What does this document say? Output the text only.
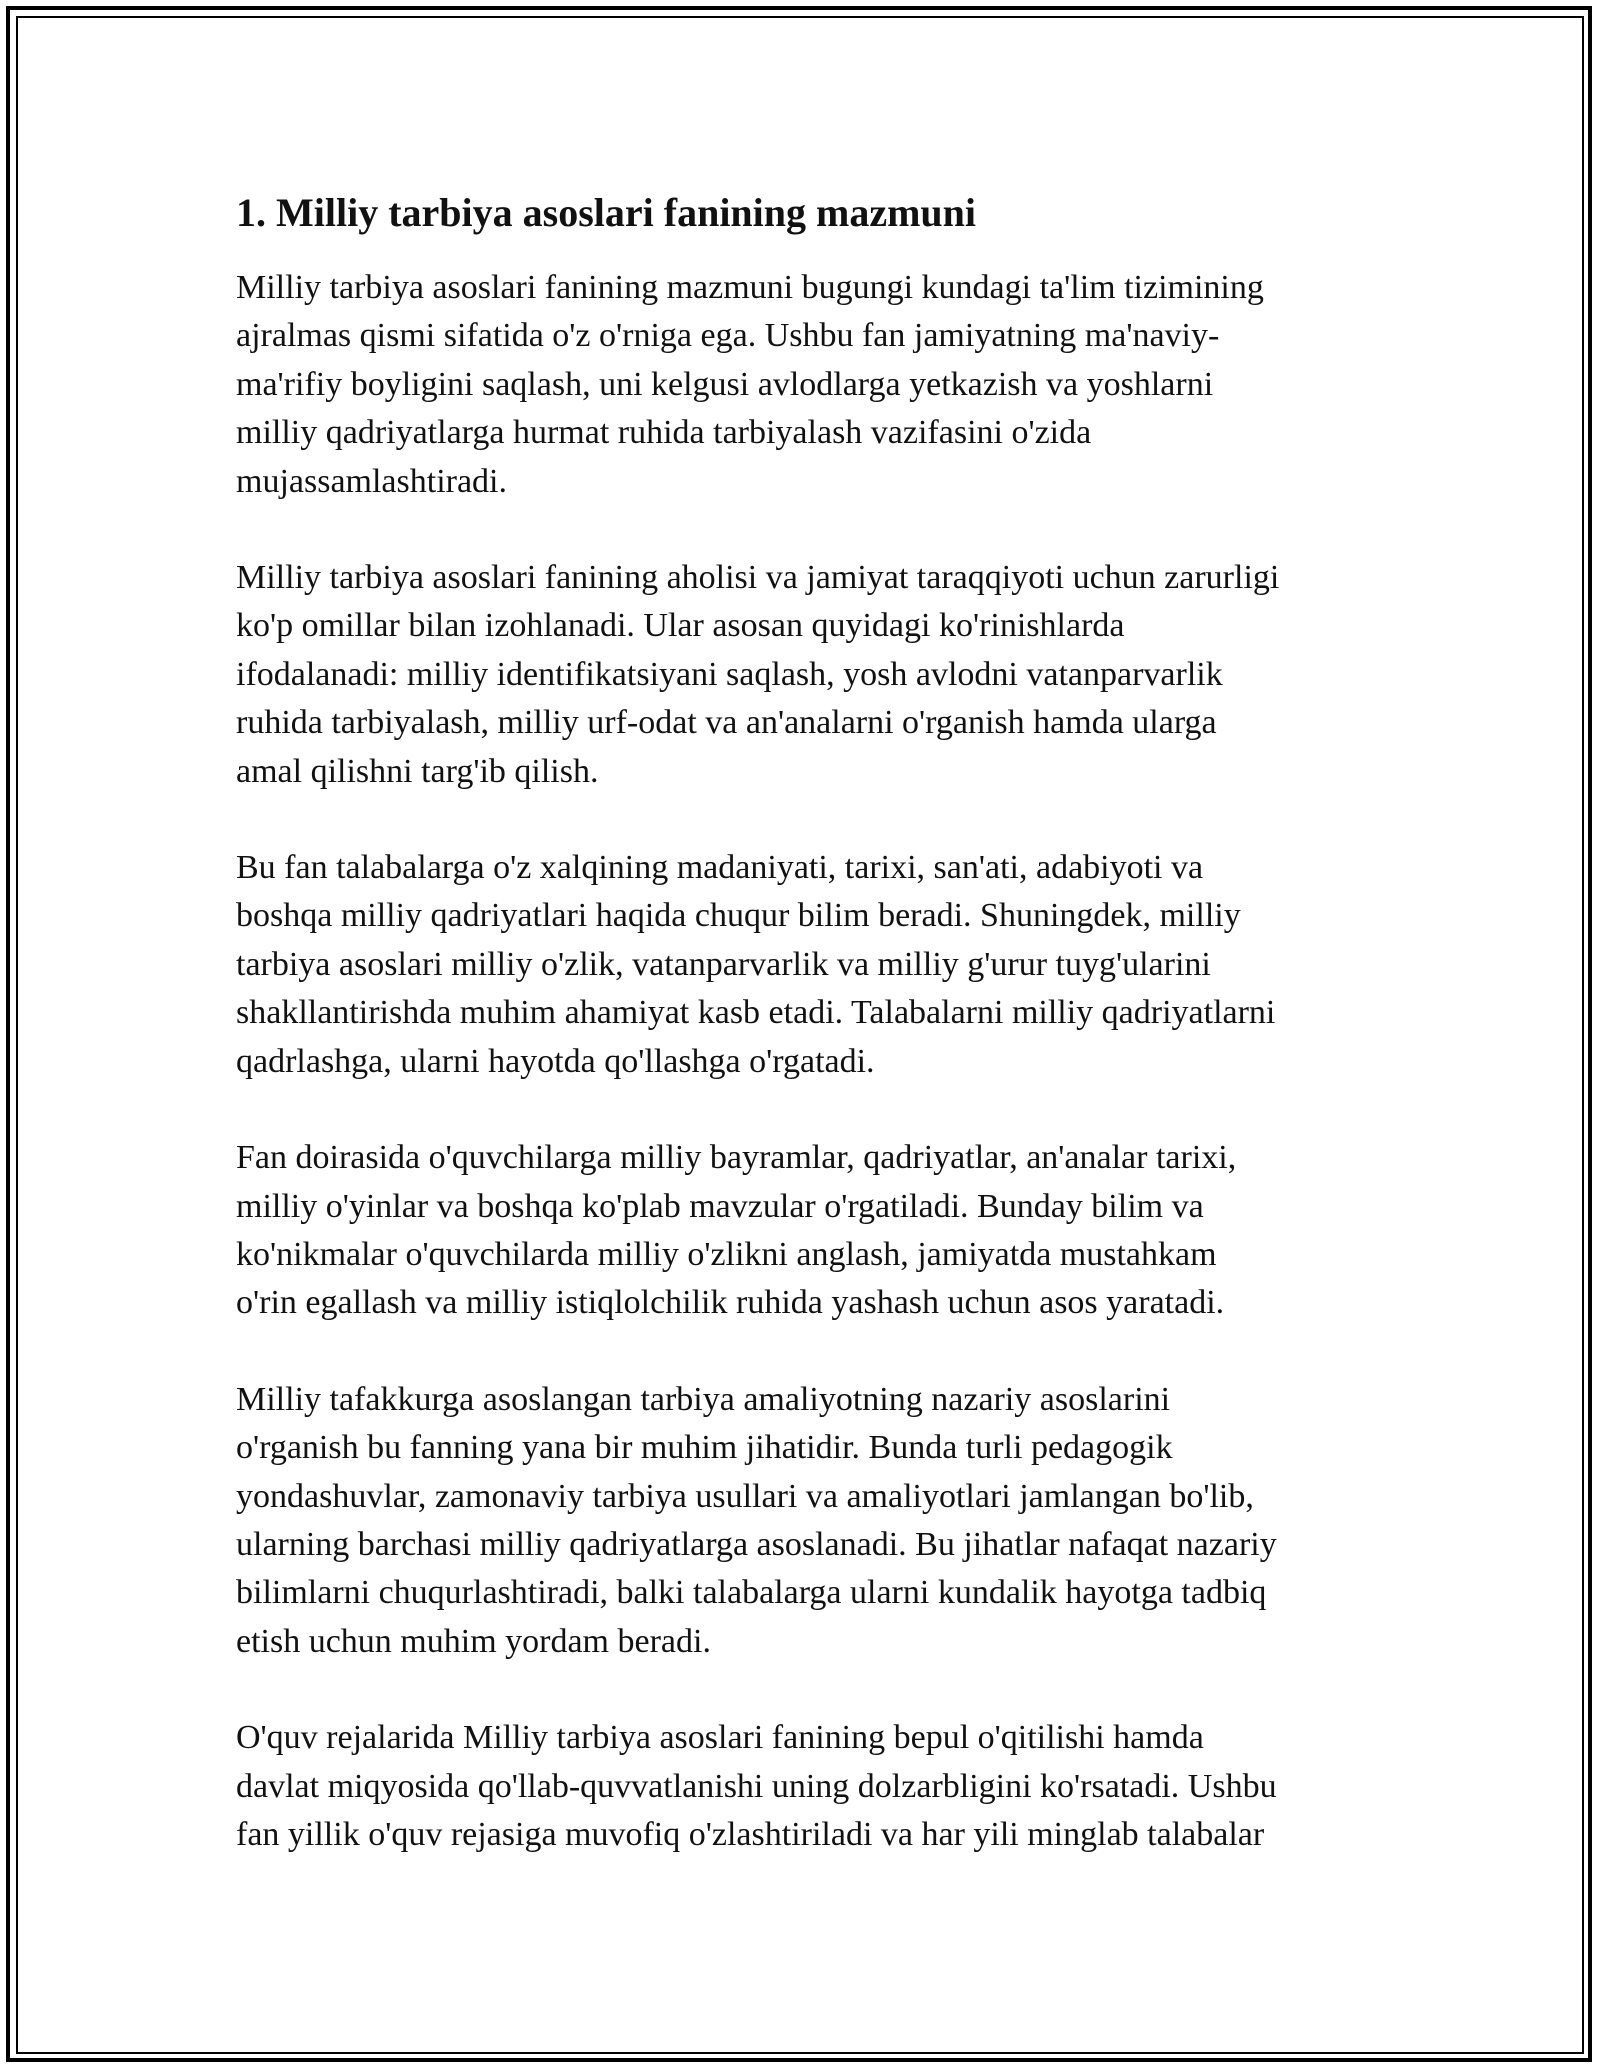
1. Milliy tarbiya asoslari fanining mazmuni

Milliy tarbiya asoslari fanining mazmuni bugungi kundagi ta'lim tizimining
ajralmas qismi sifatida o'z o'rniga ega. Ushbu fan jamiyatning ma'naviy-
ma'rifiy boyligini saqlash, uni kelgusi avlodlarga yetkazish va yoshlarni
milliy qadriyatlarga hurmat ruhida tarbiyalash vazifasini o'zida
mujassamlashtiradi.

Milliy tarbiya asoslari fanining aholisi va jamiyat taraqqiyoti uchun zarurligi
ko'p omillar bilan izohlanadi. Ular asosan quyidagi ko'rinishlarda
ifodalanadi: milliy identifikatsiyani saqlash, yosh avlodni vatanparvarlik
ruhida tarbiyalash, milliy urf-odat va an'analarni o'rganish hamda ularga
amal qilishni targ'ib qilish.

Bu fan talabalarga o'z xalqining madaniyati, tarixi, san'ati, adabiyoti va
boshqa milliy qadriyatlari haqida chuqur bilim beradi. Shuningdek, milliy
tarbiya asoslari milliy o'zlik, vatanparvarlik va milliy g'urur tuyg'ularini
shakllantirishda muhim ahamiyat kasb etadi. Talabalarni milliy qadriyatlarni
qadrlashga, ularni hayotda qo'llashga o'rgatadi.

Fan doirasida o'quvchilarga milliy bayramlar, qadriyatlar, an'analar tarixi,
milliy o'yinlar va boshqa ko'plab mavzular o'rgatiladi. Bunday bilim va
ko'nikmalar o'quvchilarda milliy o'zlikni anglash, jamiyatda mustahkam
o'rin egallash va milliy istiqlolchilik ruhida yashash uchun asos yaratadi.

Milliy tafakkurga asoslangan tarbiya amaliyotning nazariy asoslarini
o'rganish bu fanning yana bir muhim jihatidir. Bunda turli pedagogik
yondashuvlar, zamonaviy tarbiya usullari va amaliyotlari jamlangan bo'lib,
ularning barchasi milliy qadriyatlarga asoslanadi. Bu jihatlar nafaqat nazariy
bilimlarni chuqurlashtiradi, balki talabalarga ularni kundalik hayotga tadbiq
etish uchun muhim yordam beradi.

O'quv rejalarida Milliy tarbiya asoslari fanining bepul o'qitilishi hamda
davlat miqyosida qo'llab-quvvatlanishi uning dolzarbligini ko'rsatadi. Ushbu
fan yillik o'quv rejasiga muvofiq o'zlashtiriladi va har yili minglab talabalar
